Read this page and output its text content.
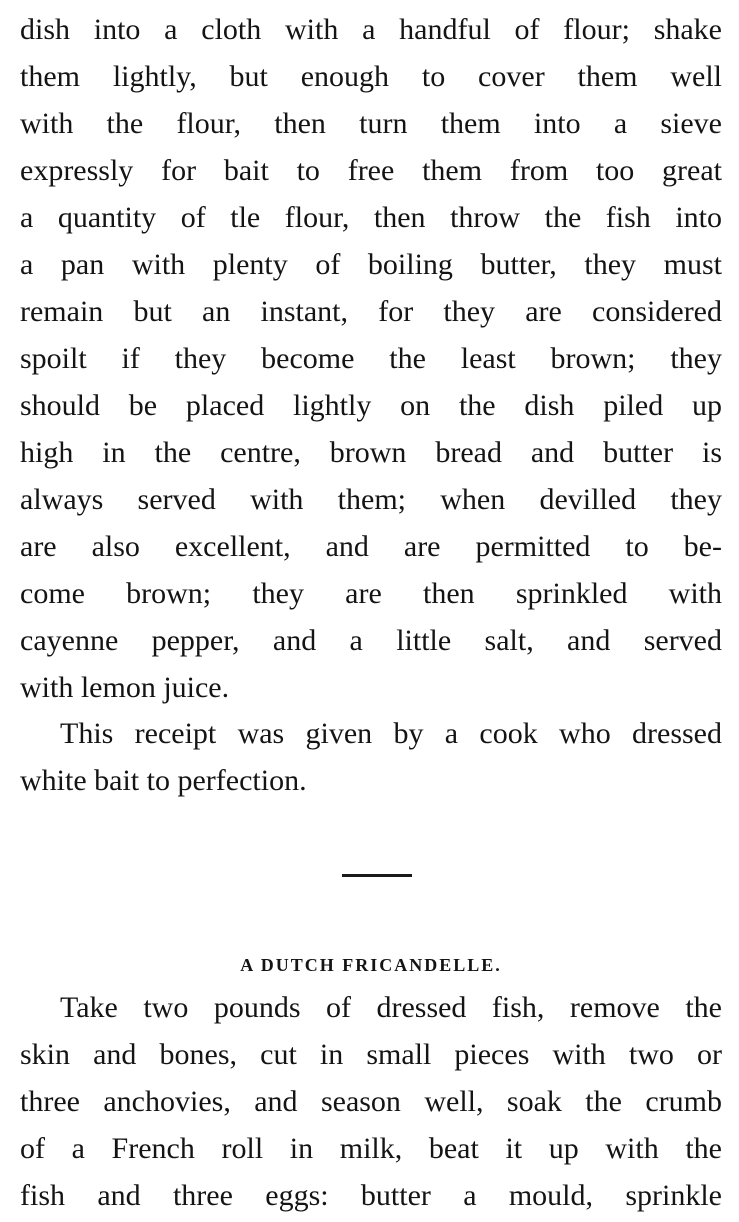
dish into a cloth with a handful of flour; shake
them lightly, but enough to cover them well
with the flour, then turn them into a sieve
expressly for bait to free them from too great
a quantity of tle flour, then throw the fish into
a pan with plenty of boiling butter, they must
remain but an instant, for they are considered
spoilt if they become the least brown; they
should be placed lightly on the dish piled up
high in the centre, brown bread and butter is
always served with them; when devilled they
are also excellent, and are permitted to be-
come brown; they are then sprinkled with
cayenne pepper, and a little salt, and served
with lemon juice.
This receipt was given by a cook who dressed
white bait to perfection.
A DUTCH FRICANDELLE.
Take two pounds of dressed fish, remove the
skin and bones, cut in small pieces with two or
three anchovies, and season well, soak the crumb
of a French roll in milk, beat it up with the
fish and three eggs: butter a mould, sprinkle
